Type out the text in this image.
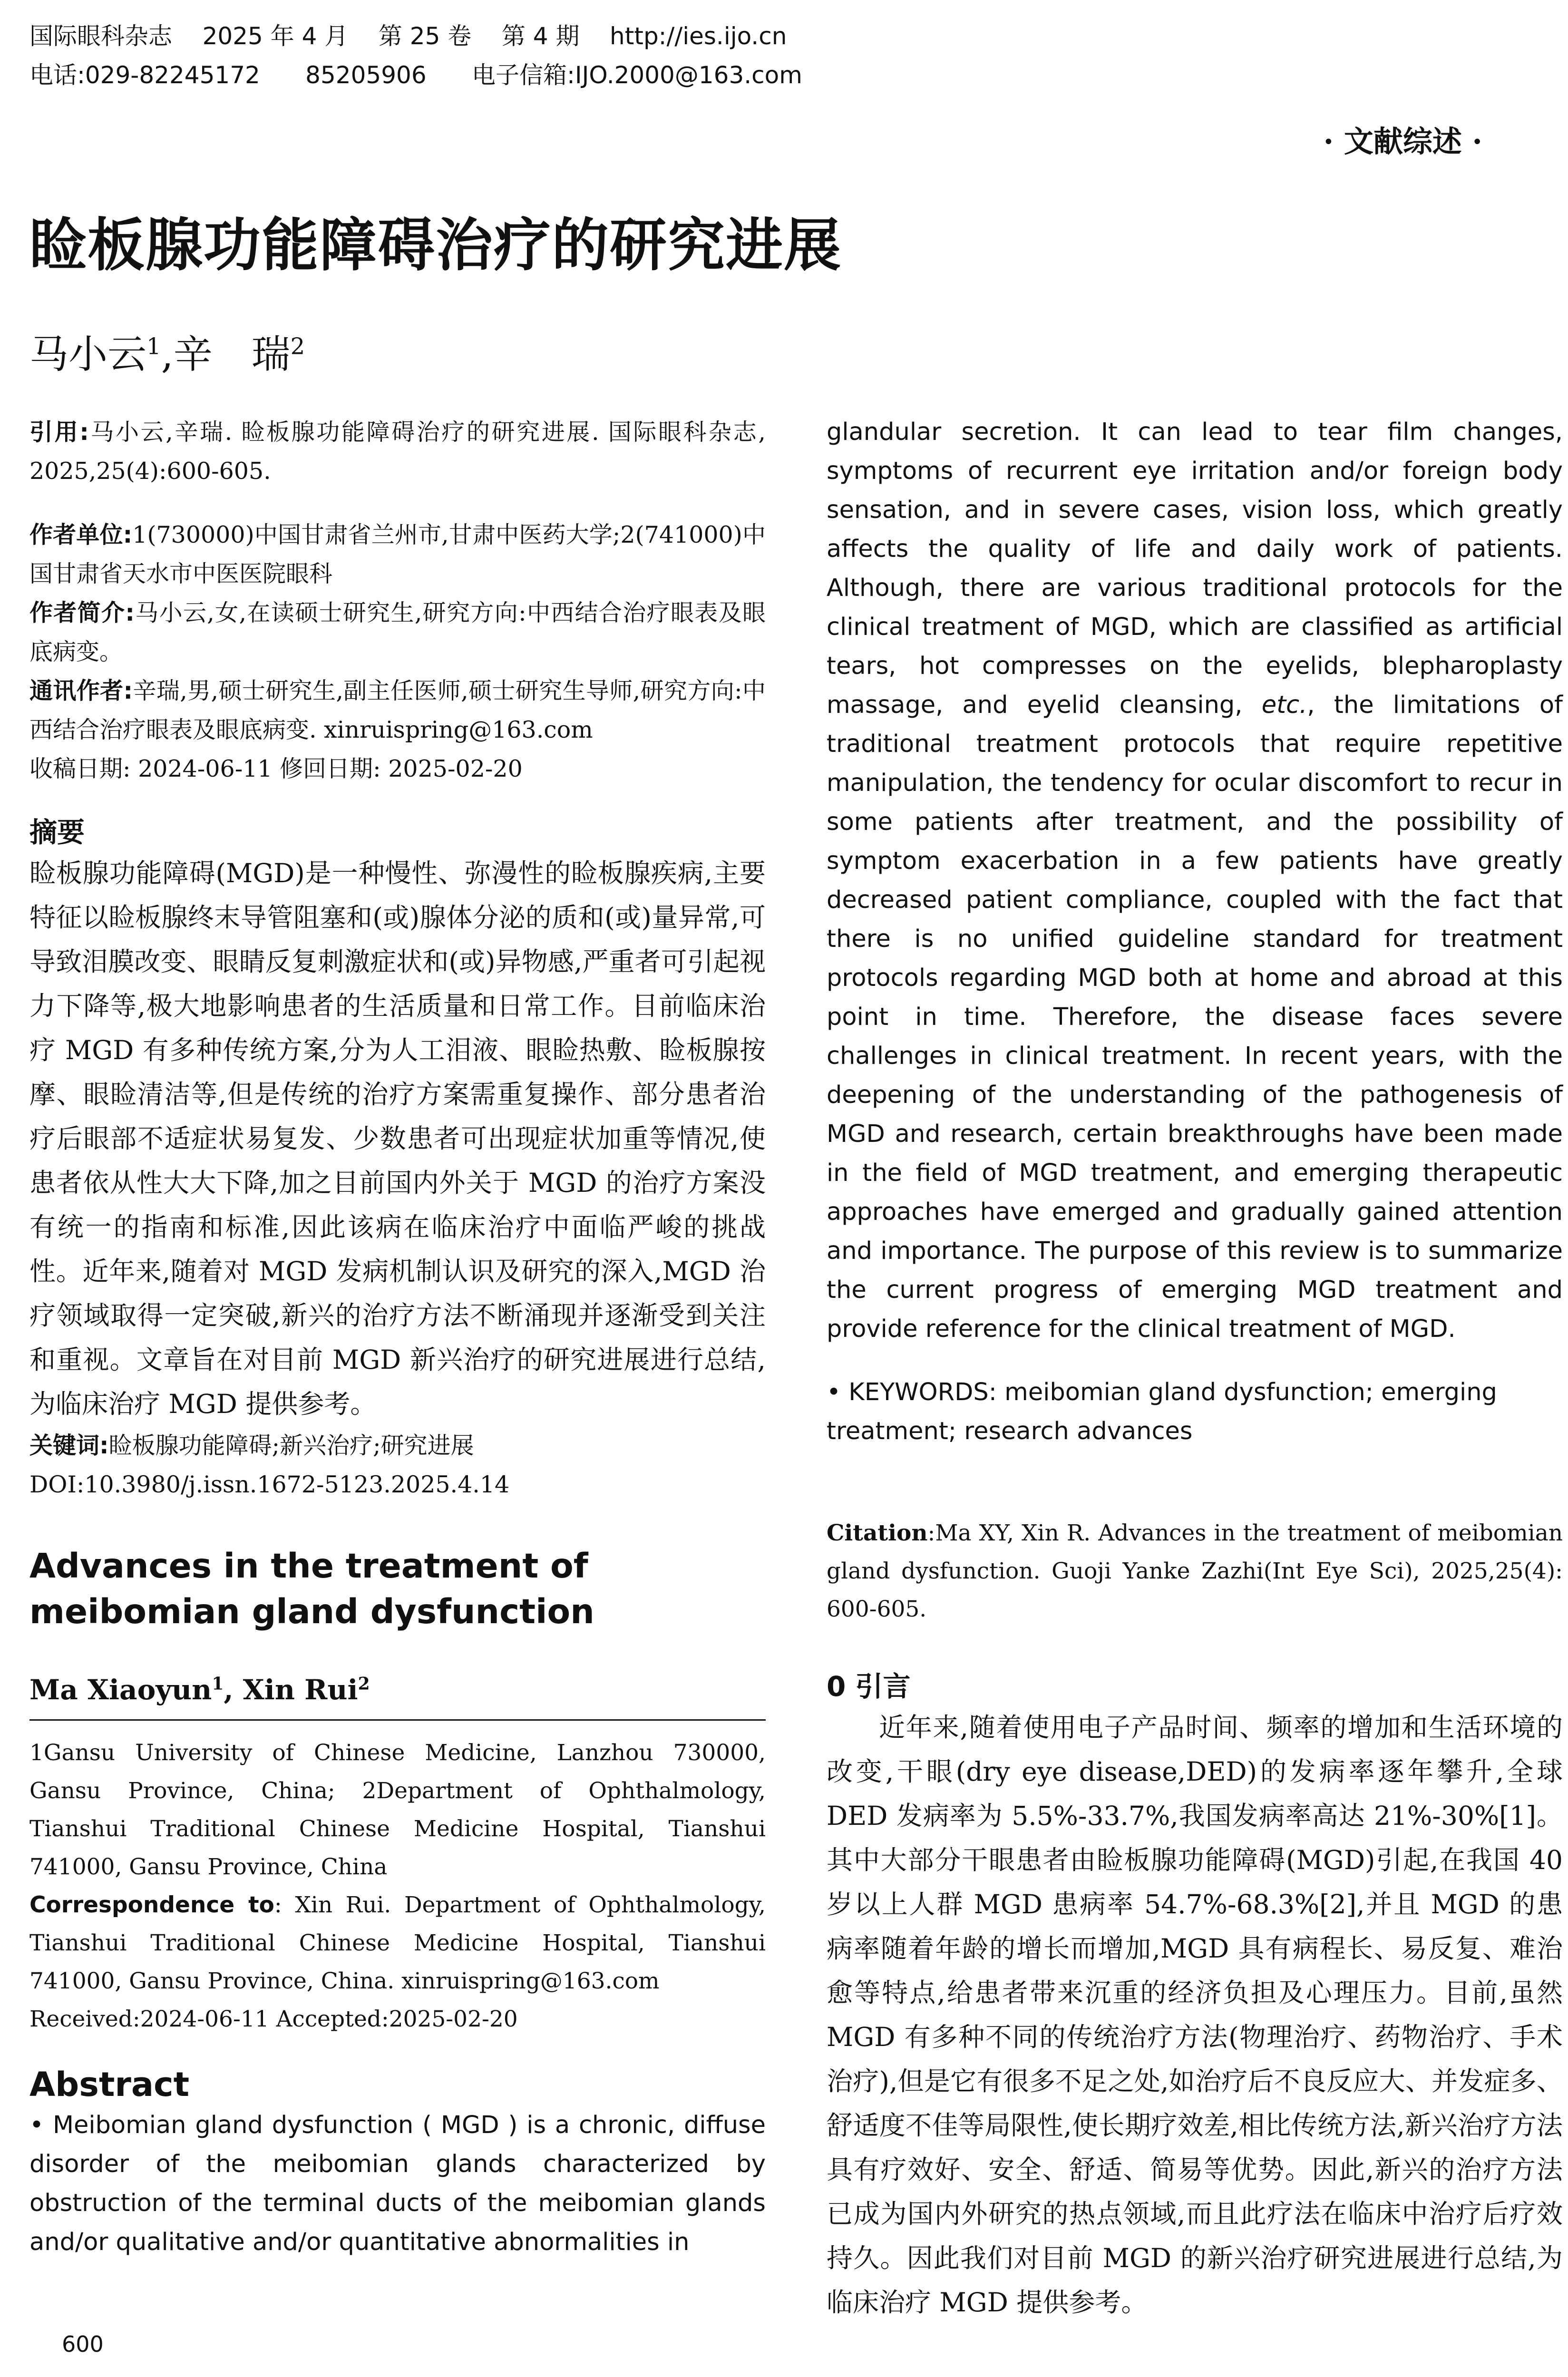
国际眼科杂志    2025 年 4 月    第 25 卷    第 4 期    http://ies.ijo.cn
电话:029-82245172      85205906      电子信箱:IJO.2000@163.com
· 文献综述 ·
睑板腺功能障碍治疗的研究进展
马小云$^1$,辛　瑞$^2$

引用:马小云,辛瑞. 睑板腺功能障碍治疗的研究进展. 国际眼科杂志, 2025,25(4):600-605.

作者单位:1(730000)中国甘肃省兰州市,甘肃中医药大学;2(741000)中国甘肃省天水市中医医院眼科

作者简介:马小云,女,在读硕士研究生,研究方向:中西结合治疗眼表及眼底病变。

通讯作者:辛瑞,男,硕士研究生,副主任医师,硕士研究生导师,研究方向:中西结合治疗眼表及眼底病变. xinruispring@163.com

收稿日期: 2024-06-11 修回日期: 2025-02-20

摘要

睑板腺功能障碍(MGD)是一种慢性、弥漫性的睑板腺疾病,主要特征以睑板腺终末导管阻塞和(或)腺体分泌的质和(或)量异常,可导致泪膜改变、眼睛反复刺激症状和(或)异物感,严重者可引起视力下降等,极大地影响患者的生活质量和日常工作。目前临床治疗 MGD 有多种传统方案,分为人工泪液、眼睑热敷、睑板腺按摩、眼睑清洁等,但是传统的治疗方案需重复操作、部分患者治疗后眼部不适症状易复发、少数患者可出现症状加重等情况,使患者依从性大大下降,加之目前国内外关于 MGD 的治疗方案没有统一的指南和标准,因此该病在临床治疗中面临严峻的挑战性。近年来,随着对 MGD 发病机制认识及研究的深入,MGD 治疗领域取得一定突破,新兴的治疗方法不断涌现并逐渐受到关注和重视。文章旨在对目前 MGD 新兴治疗的研究进展进行总结,为临床治疗 MGD 提供参考。

关键词:睑板腺功能障碍;新兴治疗;研究进展

DOI:10.3980/j.issn.1672-5123.2025.4.14

Advances in the treatment of meibomian gland dysfunction

Ma Xiaoyun$^1$, Xin Rui$^2$

1Gansu University of Chinese Medicine, Lanzhou 730000, Gansu Province, China; 2Department of Ophthalmology, Tianshui Traditional Chinese Medicine Hospital, Tianshui 741000, Gansu Province, China

Correspondence to: Xin Rui. Department of Ophthalmology, Tianshui Traditional Chinese Medicine Hospital, Tianshui 741000, Gansu Province, China. xinruispring@163.com

Received:2024-06-11 Accepted:2025-02-20

Abstract

• Meibomian gland dysfunction ( MGD ) is a chronic, diffuse disorder of the meibomian glands characterized by obstruction of the terminal ducts of the meibomian glands and/or qualitative and/or quantitative abnormalities in

glandular secretion. It can lead to tear film changes, symptoms of recurrent eye irritation and/or foreign body sensation, and in severe cases, vision loss, which greatly affects the quality of life and daily work of patients. Although, there are various traditional protocols for the clinical treatment of MGD, which are classified as artificial tears, hot compresses on the eyelids, blepharoplasty massage, and eyelid cleansing, etc., the limitations of traditional treatment protocols that require repetitive manipulation, the tendency for ocular discomfort to recur in some patients after treatment, and the possibility of symptom exacerbation in a few patients have greatly decreased patient compliance, coupled with the fact that there is no unified guideline standard for treatment protocols regarding MGD both at home and abroad at this point in time. Therefore, the disease faces severe challenges in clinical treatment. In recent years, with the deepening of the understanding of the pathogenesis of MGD and research, certain breakthroughs have been made in the field of MGD treatment, and emerging therapeutic approaches have emerged and gradually gained attention and importance. The purpose of this review is to summarize the current progress of emerging MGD treatment and provide reference for the clinical treatment of MGD.

• KEYWORDS: meibomian gland dysfunction; emerging treatment; research advances

Citation:Ma XY, Xin R. Advances in the treatment of meibomian gland dysfunction. Guoji Yanke Zazhi(Int Eye Sci), 2025,25(4): 600-605.

0 引言

近年来,随着使用电子产品时间、频率的增加和生活环境的改变,干眼(dry eye disease,DED)的发病率逐年攀升,全球 DED 发病率为 5.5%-33.7%,我国发病率高达 21%-30%[1]。其中大部分干眼患者由睑板腺功能障碍(MGD)引起,在我国 40 岁以上人群 MGD 患病率 54.7%-68.3%[2],并且 MGD 的患病率随着年龄的增长而增加,MGD 具有病程长、易反复、难治愈等特点,给患者带来沉重的经济负担及心理压力。目前,虽然 MGD 有多种不同的传统治疗方法(物理治疗、药物治疗、手术治疗),但是它有很多不足之处,如治疗后不良反应大、并发症多、舒适度不佳等局限性,使长期疗效差,相比传统方法,新兴治疗方法具有疗效好、安全、舒适、简易等优势。因此,新兴的治疗方法已成为国内外研究的热点领域,而且此疗法在临床中治疗后疗效持久。因此我们对目前 MGD 的新兴治疗研究进展进行总结,为临床治疗 MGD 提供参考。

600
